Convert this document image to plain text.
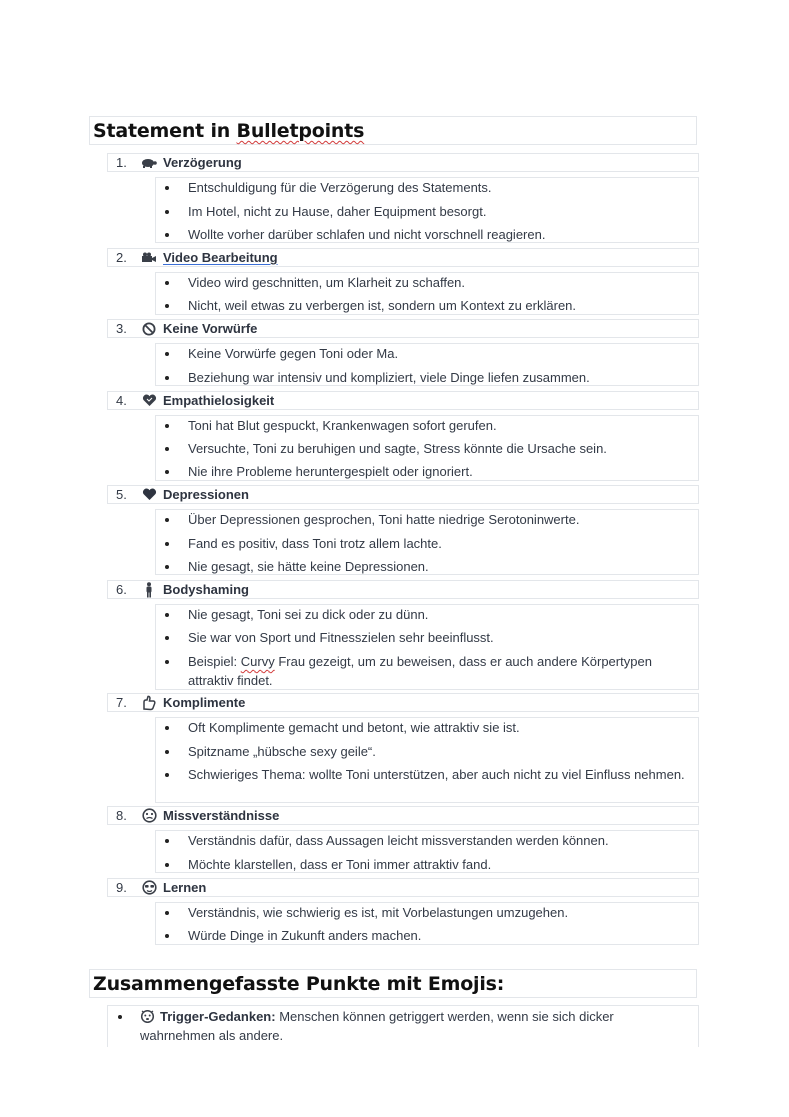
Statement in Bulletpoints
1.	Verzögerung
Entschuldigung für die Verzögerung des Statements.
Im Hotel, nicht zu Hause, daher Equipment besorgt.
Wollte vorher darüber schlafen und nicht vorschnell reagieren.
2.	Video Bearbeitung
Video wird geschnitten, um Klarheit zu schaffen.
Nicht, weil etwas zu verbergen ist, sondern um Kontext zu erklären.
3.	Keine Vorwürfe
Keine Vorwürfe gegen Toni oder Ma.
Beziehung war intensiv und kompliziert, viele Dinge liefen zusammen.
4.	Empathielosigkeit
Toni hat Blut gespuckt, Krankenwagen sofort gerufen.
Versuchte, Toni zu beruhigen und sagte, Stress könnte die Ursache sein.
Nie ihre Probleme heruntergespielt oder ignoriert.
5.	Depressionen
Über Depressionen gesprochen, Toni hatte niedrige Serotoninwerte.
Fand es positiv, dass Toni trotz allem lachte.
Nie gesagt, sie hätte keine Depressionen.
6.	Bodyshaming
Nie gesagt, Toni sei zu dick oder zu dünn.
Sie war von Sport und Fitnesszielen sehr beeinflusst.
Beispiel: Curvy Frau gezeigt, um zu beweisen, dass er auch andere Körpertypen attraktiv findet.
7.	Komplimente
Oft Komplimente gemacht und betont, wie attraktiv sie ist.
Spitzname „hübsche sexy geile“.
Schwieriges Thema: wollte Toni unterstützen, aber auch nicht zu viel Einfluss nehmen.
8.	Missverständnisse
Verständnis dafür, dass Aussagen leicht missverstanden werden können.
Möchte klarstellen, dass er Toni immer attraktiv fand.
9.	Lernen
Verständnis, wie schwierig es ist, mit Vorbelastungen umzugehen.
Würde Dinge in Zukunft anders machen.
Zusammengefasste Punkte mit Emojis:
Trigger-Gedanken: Menschen können getriggert werden, wenn sie sich dicker wahrnehmen als andere.
